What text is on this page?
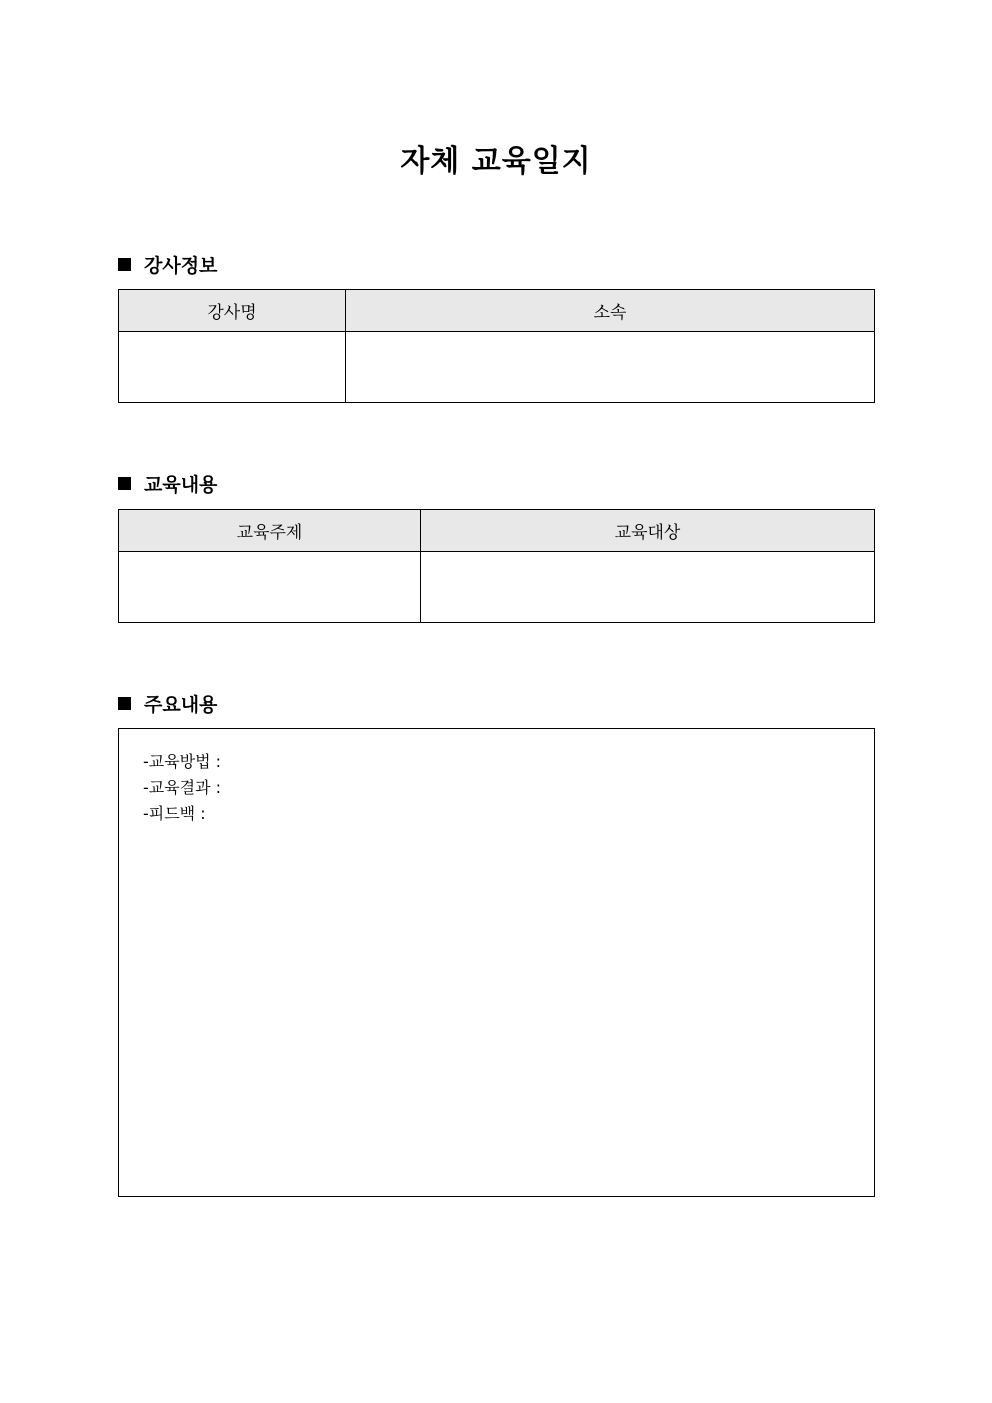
자체 교육일지
강사정보
강사명	소속
교육내용
교육주제	교육대상
주요내용
-교육방법 :
-교육결과 :
-피드백 :
